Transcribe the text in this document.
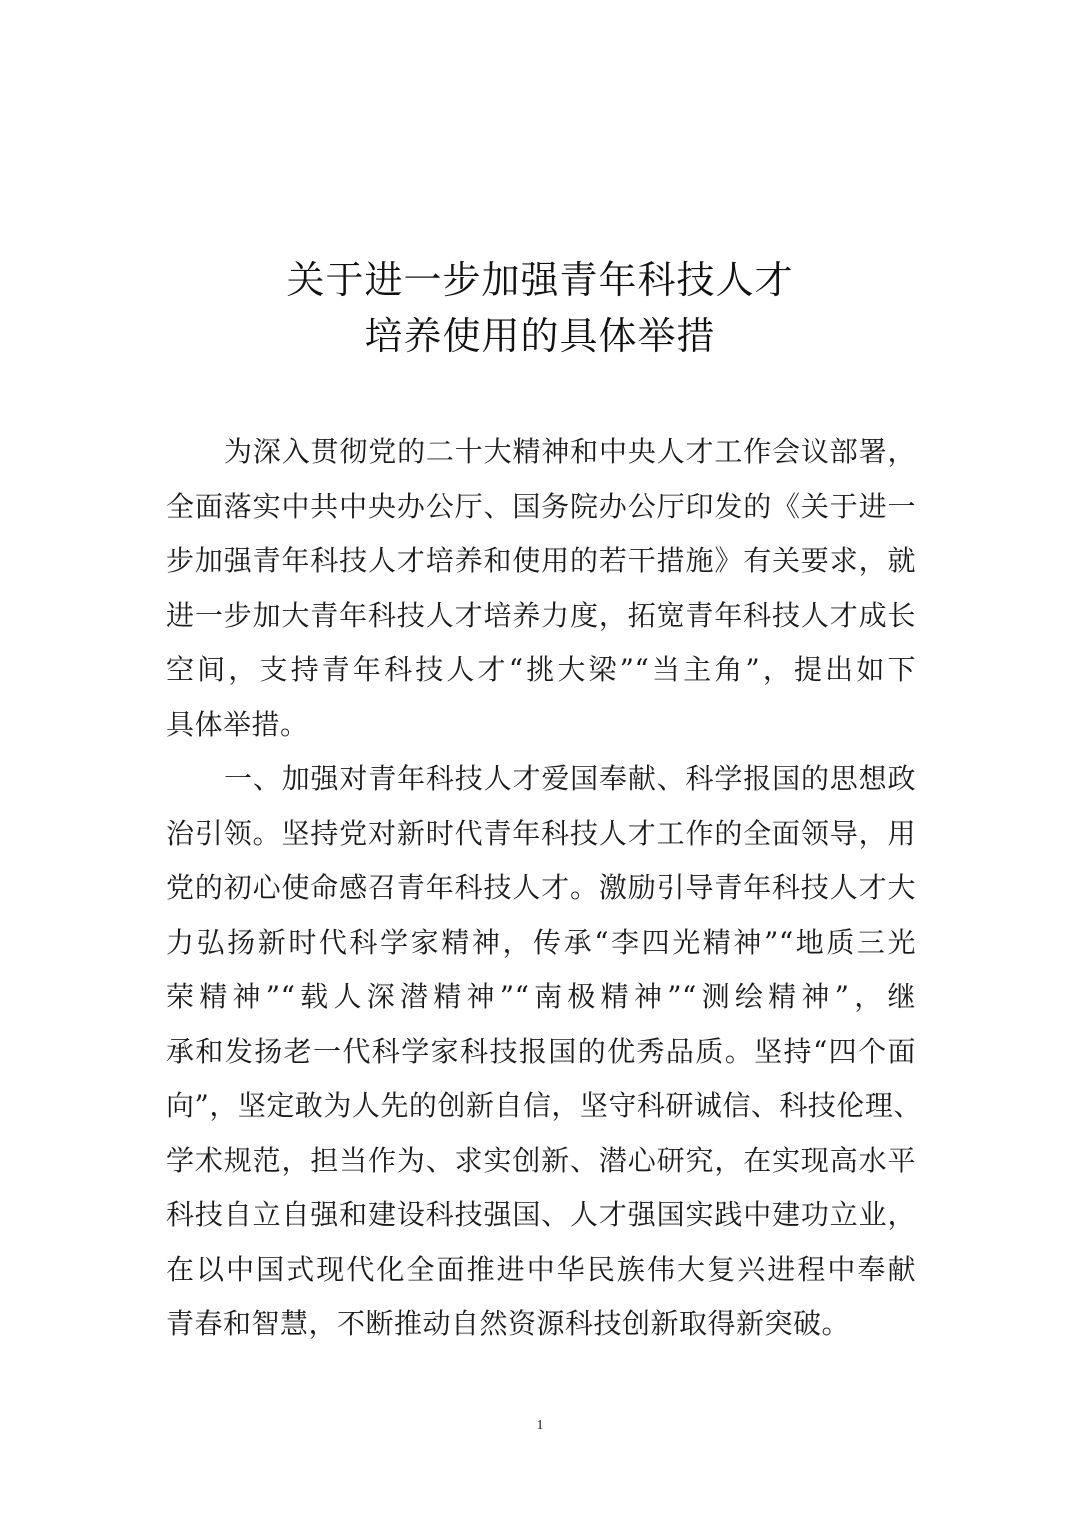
关于进一步加强青年科技人才
培养使用的具体举措
为深入贯彻党的二十大精神和中央人才工作会议部署，
全面落实中共中央办公厅、国务院办公厅印发的《关于进一
步加强青年科技人才培养和使用的若干措施》有关要求，就
进一步加大青年科技人才培养力度，拓宽青年科技人才成长
空间，支持青年科技人才“挑大梁”“当主角”，提出如下
具体举措。
一、加强对青年科技人才爱国奉献、科学报国的思想政
治引领。坚持党对新时代青年科技人才工作的全面领导，用
党的初心使命感召青年科技人才。激励引导青年科技人才大
力弘扬新时代科学家精神，传承“李四光精神”“地质三光
荣精神”“载人深潜精神”“南极精神”“测绘精神”，继
承和发扬老一代科学家科技报国的优秀品质。坚持“四个面
向”，坚定敢为人先的创新自信，坚守科研诚信、科技伦理、
学术规范，担当作为、求实创新、潜心研究，在实现高水平
科技自立自强和建设科技强国、人才强国实践中建功立业，
在以中国式现代化全面推进中华民族伟大复兴进程中奉献
青春和智慧，不断推动自然资源科技创新取得新突破。
1
